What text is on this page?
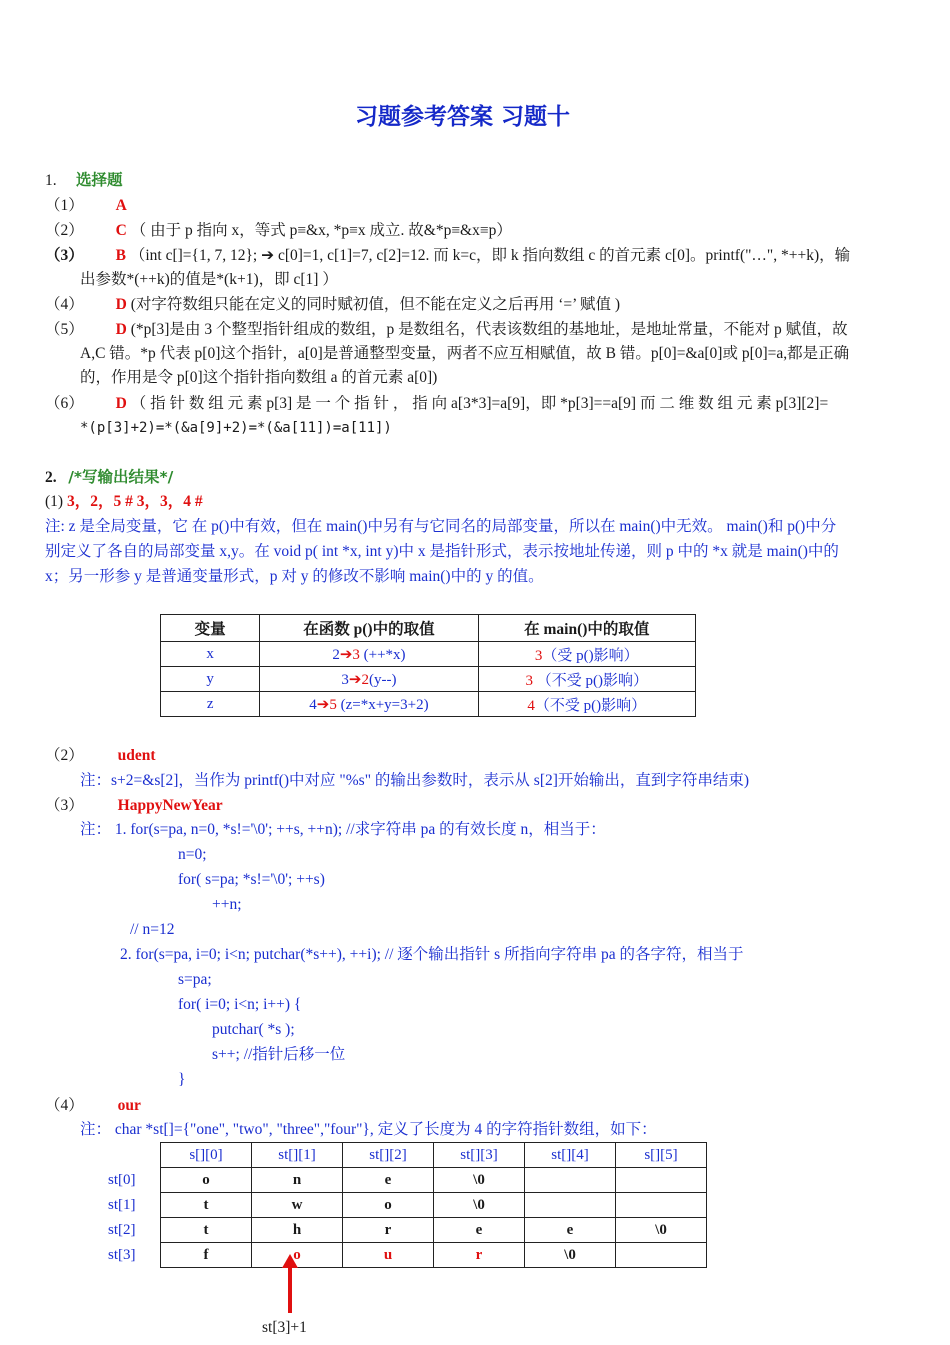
习题参考答案 习题十
1. 选择题
（1） A
（2） C （ 由于 p 指向 x，等式 p≡&x, *p≡x 成立. 故&*p≡&x≡p）
（3） B （int c[]={1, 7, 12}; ➔ c[0]=1, c[1]=7, c[2]=12. 而 k=c，即 k 指向数组 c 的首元素 c[0]。printf("…", *++k)，输
出参数*(++k)的值是*(k+1)，即 c[1] ）
（4） D (对字符数组只能在定义的同时赋初值，但不能在定义之后再用 ‘=’ 赋值 )
（5） D (*p[3]是由 3 个整型指针组成的数组，p 是数组名，代表该数组的基地址，是地址常量，不能对 p 赋值，故
A,C 错。*p 代表 p[0]这个指针，a[0]是普通整型变量，两者不应互相赋值，故 B 错。p[0]=&a[0]或 p[0]=a,都是正确
的，作用是令 p[0]这个指针指向数组 a 的首元素 a[0])
（6） D （ 指 针 数 组 元 素 p[3] 是 一 个 指 针 ， 指 向 a[3*3]=a[9]，即 *p[3]==a[9] 而 二 维 数 组 元 素 p[3][2]=
*(p[3]+2)=*(&a[9]+2)=*(&a[11])=a[11])
2. /*写输出结果*/
(1) 3，2，5 # 3，3，4 #
注: z 是全局变量，它 在 p()中有效，但在 main()中另有与它同名的局部变量，所以在 main()中无效。 main()和 p()中分
别定义了各自的局部变量 x,y。在 void p( int *x, int y)中 x 是指针形式，表示按地址传递，则 p 中的 *x 就是 main()中的
x；另一形参 y 是普通变量形式，p 对 y 的修改不影响 main()中的 y 的值。
变量	在函数 p()中的取值	在 main()中的取值
x	2➔3 (++*x)	3（受 p()影响）
y	3➔2(y--)	3 （不受 p()影响）
z	4➔5 (z=*x+y=3+2)	4（不受 p()影响）
（2） udent
注：s+2=&s[2]，当作为 printf()中对应 "%s" 的输出参数时，表示从 s[2]开始输出，直到字符串结束)
（3） HappyNewYear
注： 1. for(s=pa, n=0, *s!='\0'; ++s, ++n); //求字符串 pa 的有效长度 n，相当于：
n=0;
for( s=pa; *s!='\0'; ++s)
++n;
// n=12
2. for(s=pa, i=0; i<n; putchar(*s++), ++i); // 逐个输出指针 s 所指向字符串 pa 的各字符，相当于
s=pa;
for( i=0; i<n; i++) {
putchar( *s );
s++; //指针后移一位
}
（4） our
注： char *st[]={"one", "two", "three","four"}, 定义了长度为 4 的字符指针数组，如下：
	s[][0]	st[][1]	st[][2]	st[][3]	st[][4]	s[][5]
st[0]	o	n	e	\0		
st[1]	t	w	o	\0		
st[2]	t	h	r	e	e	\0
st[3]	f	o	u	r	\0	
st[3]+1
